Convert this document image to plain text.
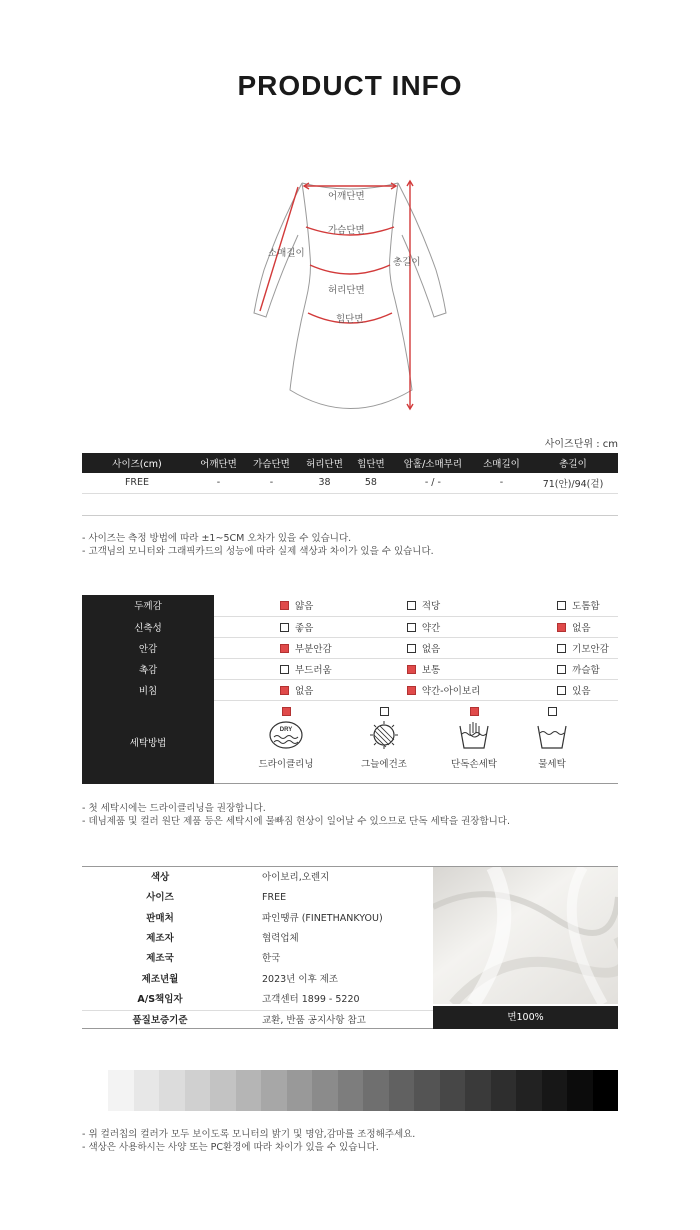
PRODUCT INFO
어깨단면
가슴단면
소매길이
총길이
허리단면
힙단면
사이즈단위 : cm
사이즈(cm)	어깨단면	가슴단면	허리단면	힙단면	암홀/소매부리	소매길이	총길이
FREE	-	-	38	58	- / -	-	71(안)/94(겉)

- 사이즈는 측정 방법에 따라 ±1~5CM 오차가 있을 수 있습니다.
- 고객님의 모니터와 그래픽카드의 성능에 따라 실제 색상과 차이가 있을 수 있습니다.
두께감	얇음	적당	도톰함
신축성	좋음	약간	없음
안감	부분안감	없음	기모안감
촉감	부드러움	보통	까슬함
비침	없음	약간-아이보리	있음
세탁방법	DRY
드라이클리닝 그늘에건조 단독손세탁 물세탁		
- 첫 세탁시에는 드라이클리닝을 권장합니다.
- 데님제품 및 컬러 원단 제품 등은 세탁시에 물빠짐 현상이 일어날 수 있으므로 단독 세탁을 권장합니다.
색상	아이보리,오렌지
사이즈	FREE
판매처	파인땡큐 (FINETHANKYOU)
제조자	협력업체
제조국	한국
제조년월	2023년 이후 제조
A/S책임자	고객센터 1899 - 5220
품질보증기준	교환, 반품 공지사항 참고	면100%
- 위 컬러칩의 컬러가 모두 보이도록 모니터의 밝기 및 명암,감마를 조정해주세요.
- 색상은 사용하시는 사양 또는 PC환경에 따라 차이가 있을 수 있습니다.
